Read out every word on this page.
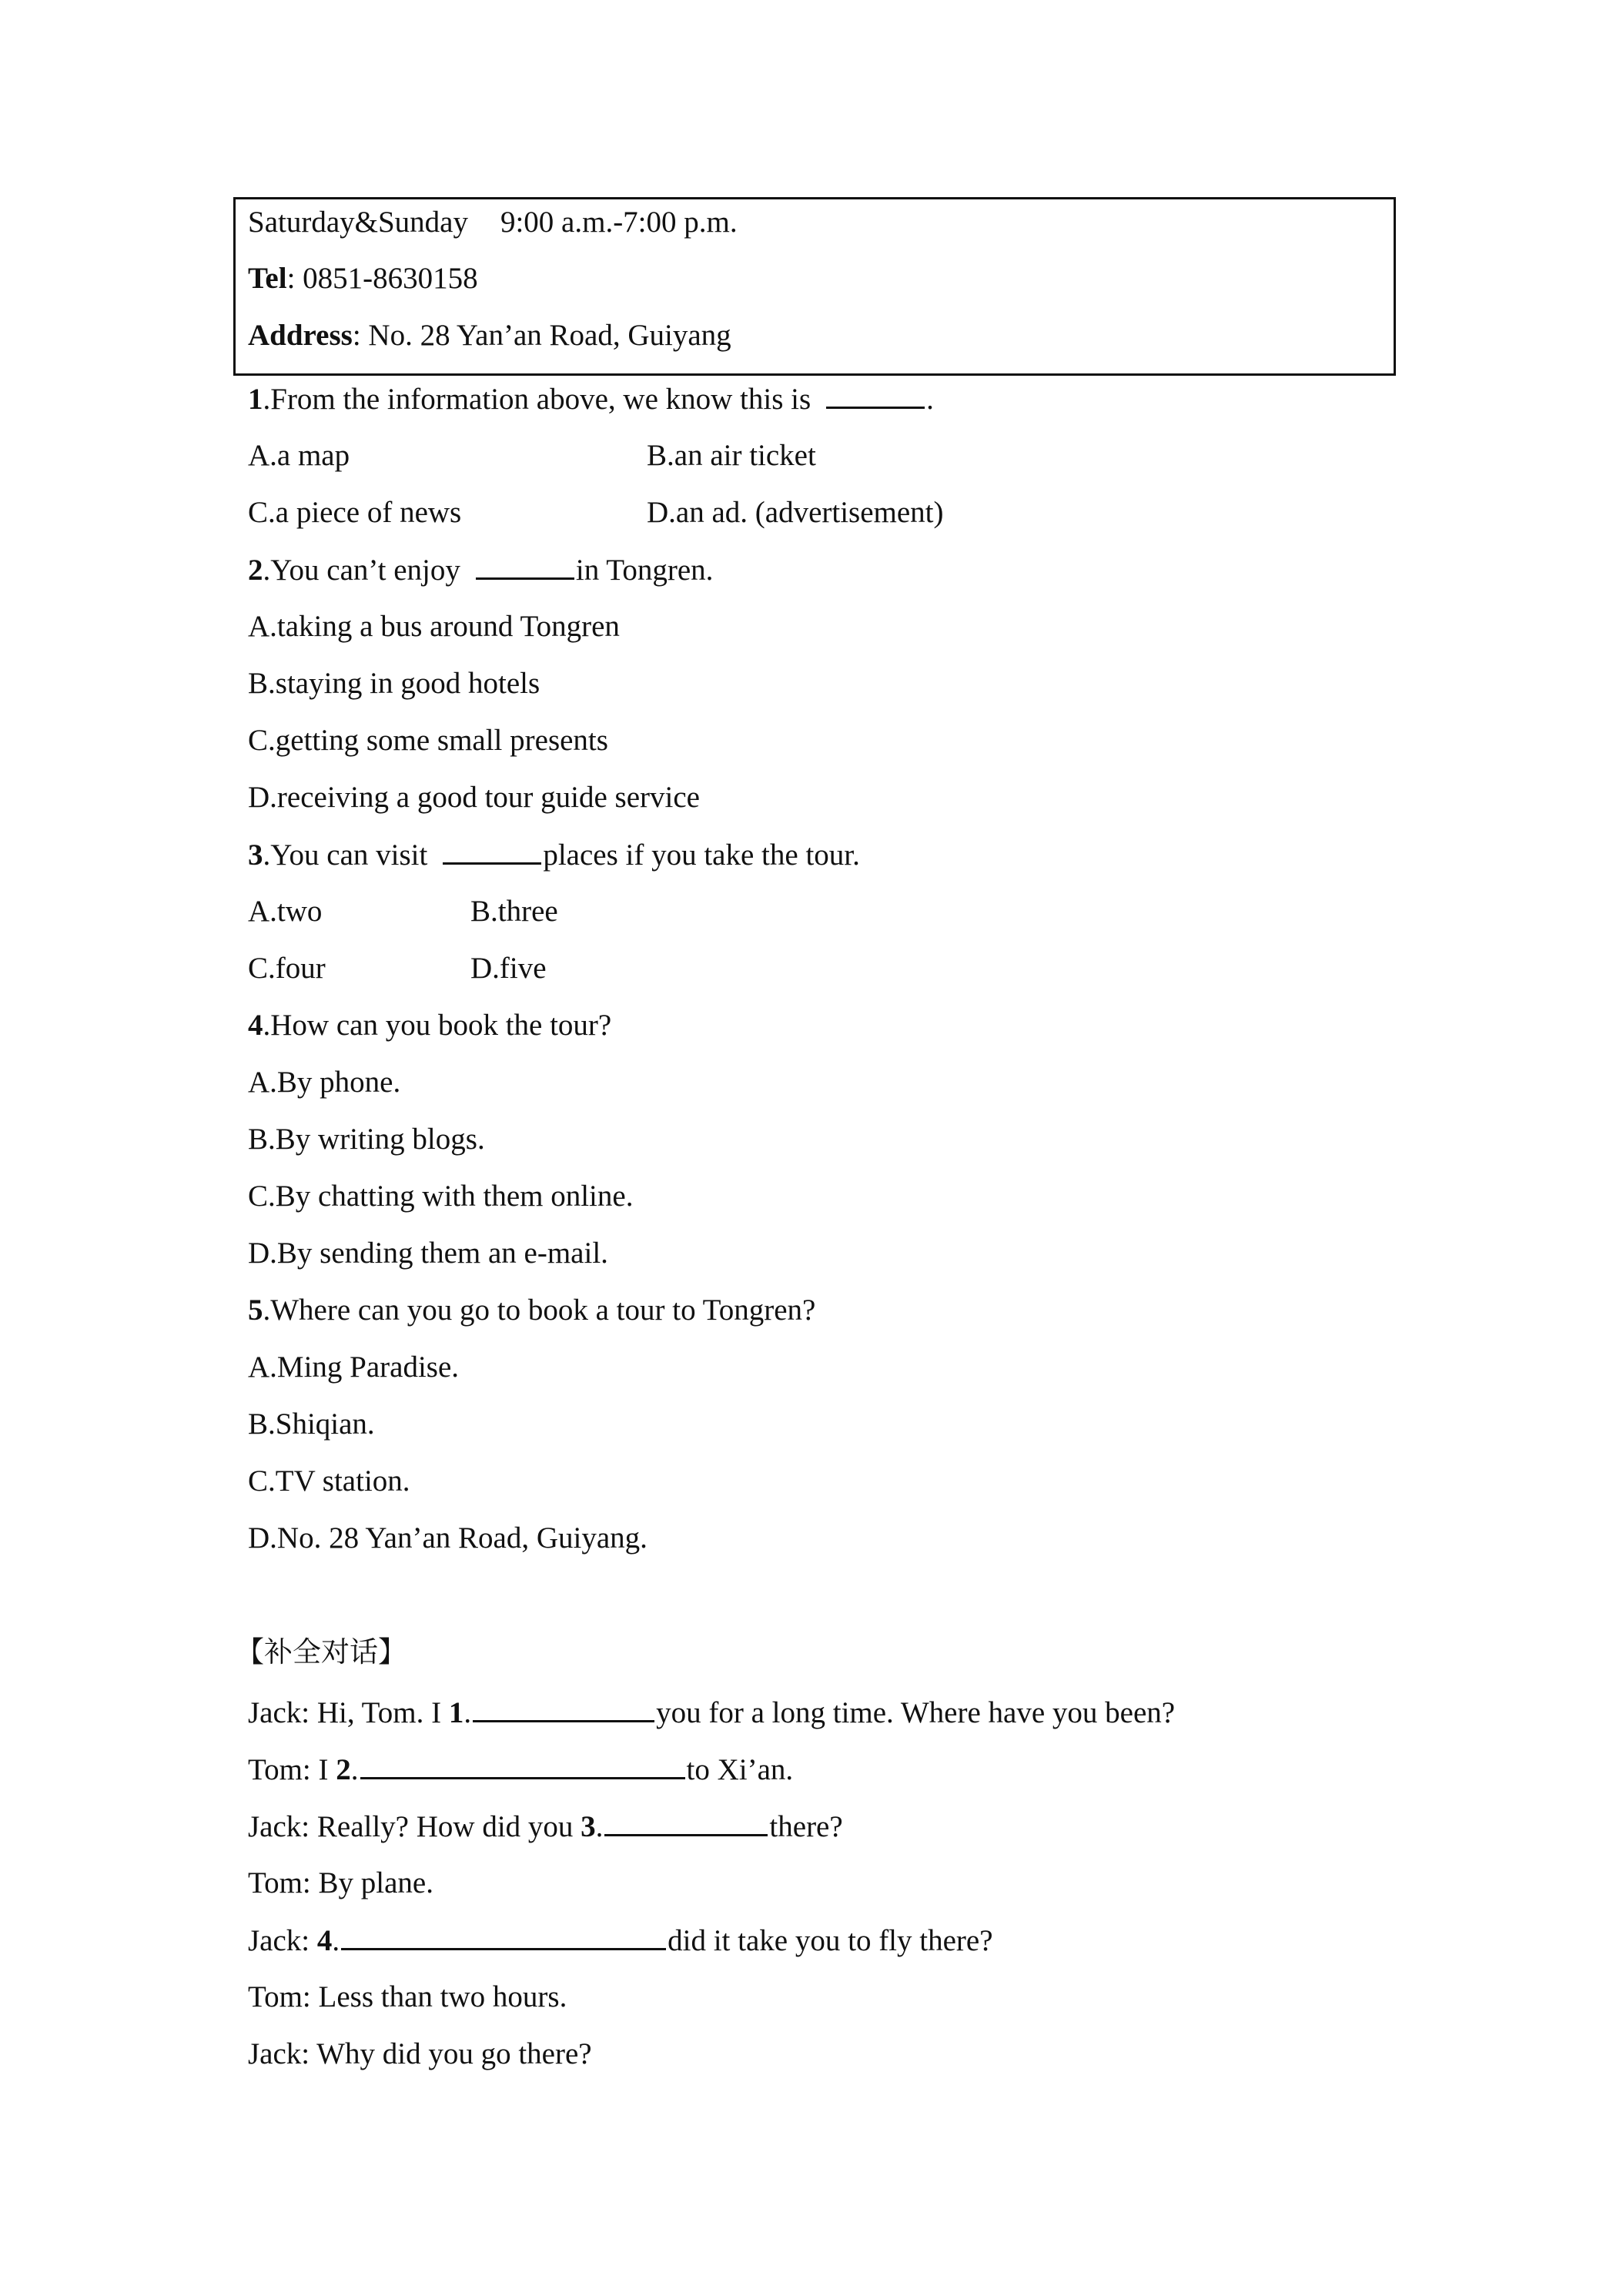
Saturday&Sunday 9:00 a.m.-7:00 p.m.
Tel: 0851-8630158
Address: No. 28 Yan’an Road, Guiyang
1.From the information above, we know this is	.
A.a map	B.an air ticket
C.a piece of news	D.an ad. (advertisement)
2.You can’t enjoy	in Tongren.
A.taking a bus around Tongren
B.staying in good hotels
C.getting some small presents
D.receiving a good tour guide service
3.You can visit	places if you take the tour.
A.two	B.three
C.four	D.five
4.How can you book the tour?
A.By phone.
B.By writing blogs.
C.By chatting with them online.
D.By sending them an e-mail.
5.Where can you go to book a tour to Tongren?
A.Ming Paradise.
B.Shiqian.
C.TV station.
D.No. 28 Yan’an Road, Guiyang.
【补全对话】
Jack: Hi, Tom. I 1.	you for a long time. Where have you been?
Tom: I 2.	to Xi’an.
Jack: Really? How did you 3.	there?
Tom: By plane.
Jack: 4.	did it take you to fly there?
Tom: Less than two hours.
Jack: Why did you go there?
